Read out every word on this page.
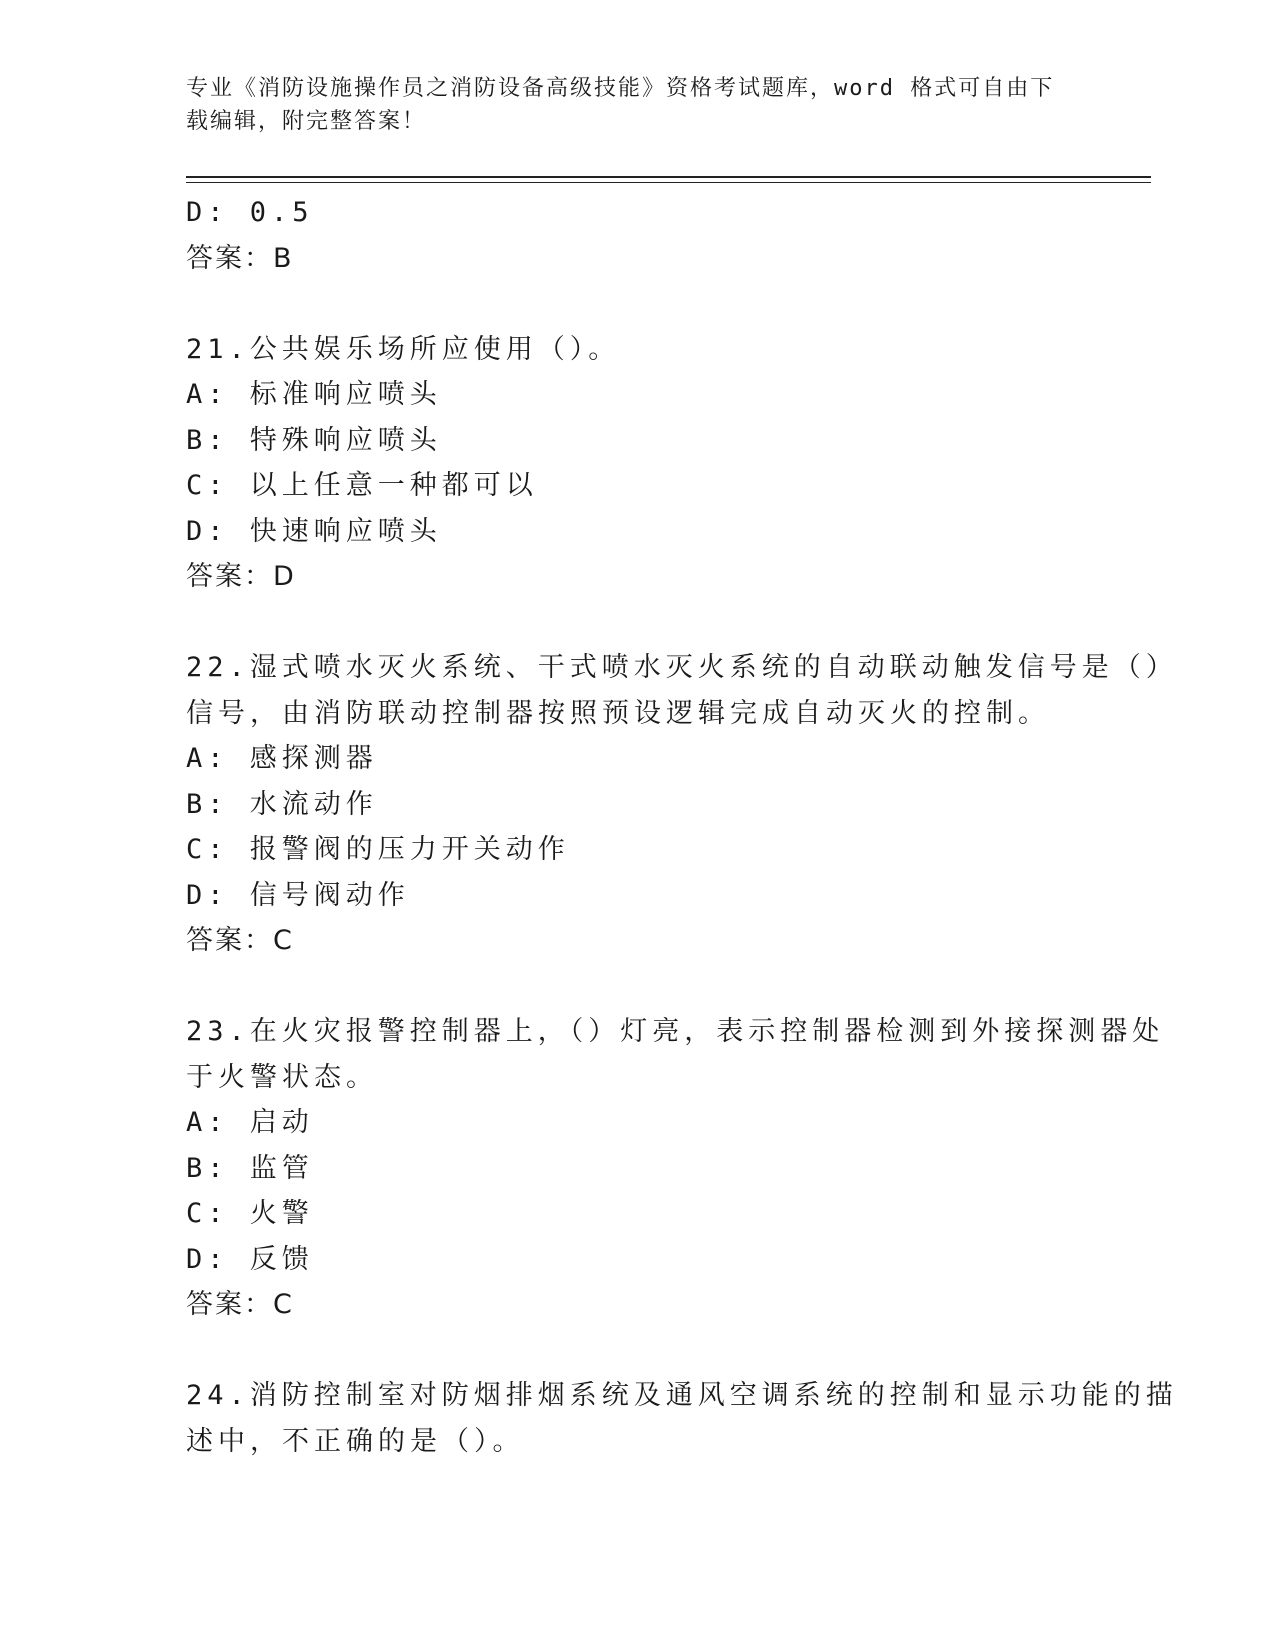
专业《消防设施操作员之消防设备高级技能》资格考试题库，word 格式可自由下
载编辑，附完整答案！
D: 0.5
答案：B
21.公共娱乐场所应使用（）。
A: 标准响应喷头
B: 特殊响应喷头
C: 以上任意一种都可以
D: 快速响应喷头
答案：D
22.湿式喷水灭火系统、干式喷水灭火系统的自动联动触发信号是（）
信号，由消防联动控制器按照预设逻辑完成自动灭火的控制。
A: 感探测器
B: 水流动作
C: 报警阀的压力开关动作
D: 信号阀动作
答案：C
23.在火灾报警控制器上，（）灯亮，表示控制器检测到外接探测器处
于火警状态。
A: 启动
B: 监管
C: 火警
D: 反馈
答案：C
24.消防控制室对防烟排烟系统及通风空调系统的控制和显示功能的描
述中，不正确的是（）。
